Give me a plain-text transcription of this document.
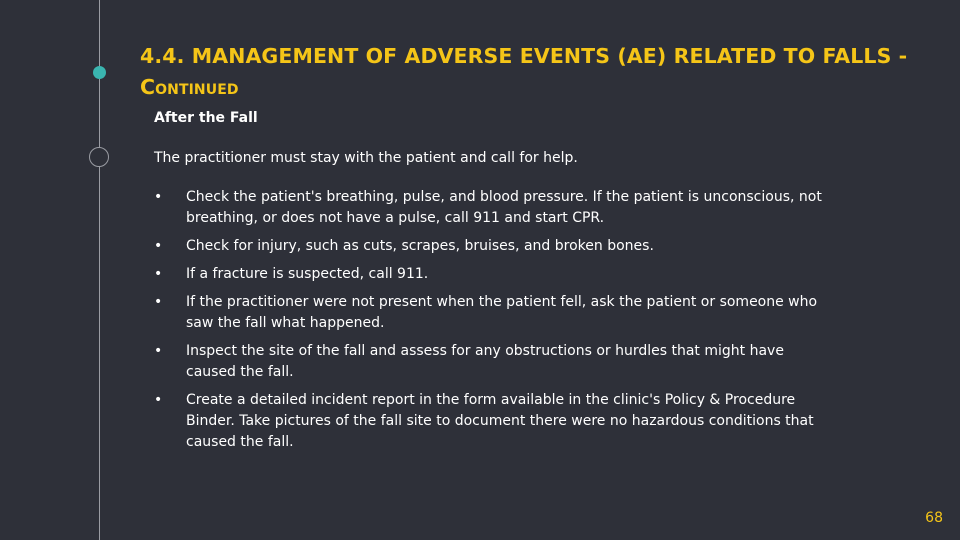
4.4. MANAGEMENT OF ADVERSE EVENTS (AE) RELATED TO FALLS - Continued

After the Fall

The practitioner must stay with the patient and call for help.

• Check the patient's breathing, pulse, and blood pressure. If the patient is unconscious, not breathing, or does not have a pulse, call 911 and start CPR.
• Check for injury, such as cuts, scrapes, bruises, and broken bones.
• If a fracture is suspected, call 911.
• If the practitioner were not present when the patient fell, ask the patient or someone who saw the fall what happened.
• Inspect the site of the fall and assess for any obstructions or hurdles that might have caused the fall.
• Create a detailed incident report in the form available in the clinic's Policy & Procedure Binder. Take pictures of the fall site to document there were no hazardous conditions that caused the fall.

68
